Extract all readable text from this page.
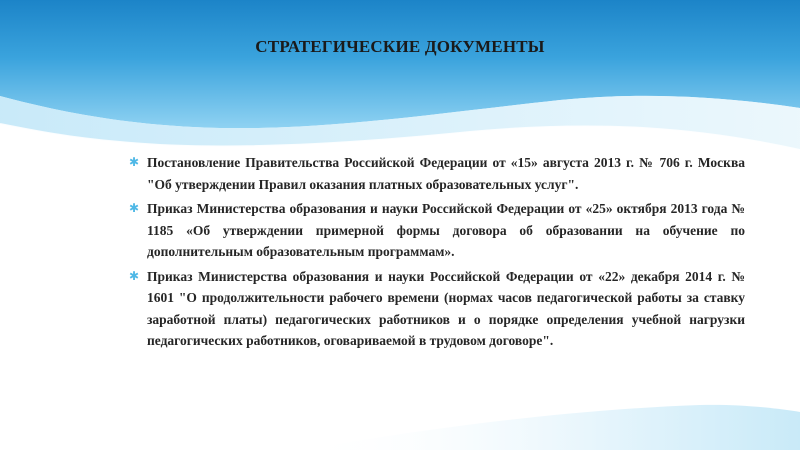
СТРАТЕГИЧЕСКИЕ ДОКУМЕНТЫ
✱ Постановление Правительства Российской Федерации от «15» августа 2013 г. № 706 г. Москва "Об утверждении Правил оказания платных образовательных услуг".
✱ Приказ Министерства образования и науки Российской Федерации от «25» октября 2013 года № 1185 «Об утверждении примерной формы договора об образовании на обучение по дополнительным образовательным программам».
✱ Приказ Министерства образования и науки Российской Федерации от «22» декабря 2014 г. № 1601 "О продолжительности рабочего времени (нормах часов педагогической работы за ставку заработной платы) педагогических работников и о порядке определения учебной нагрузки педагогических работников, оговариваемой в трудовом договоре".
